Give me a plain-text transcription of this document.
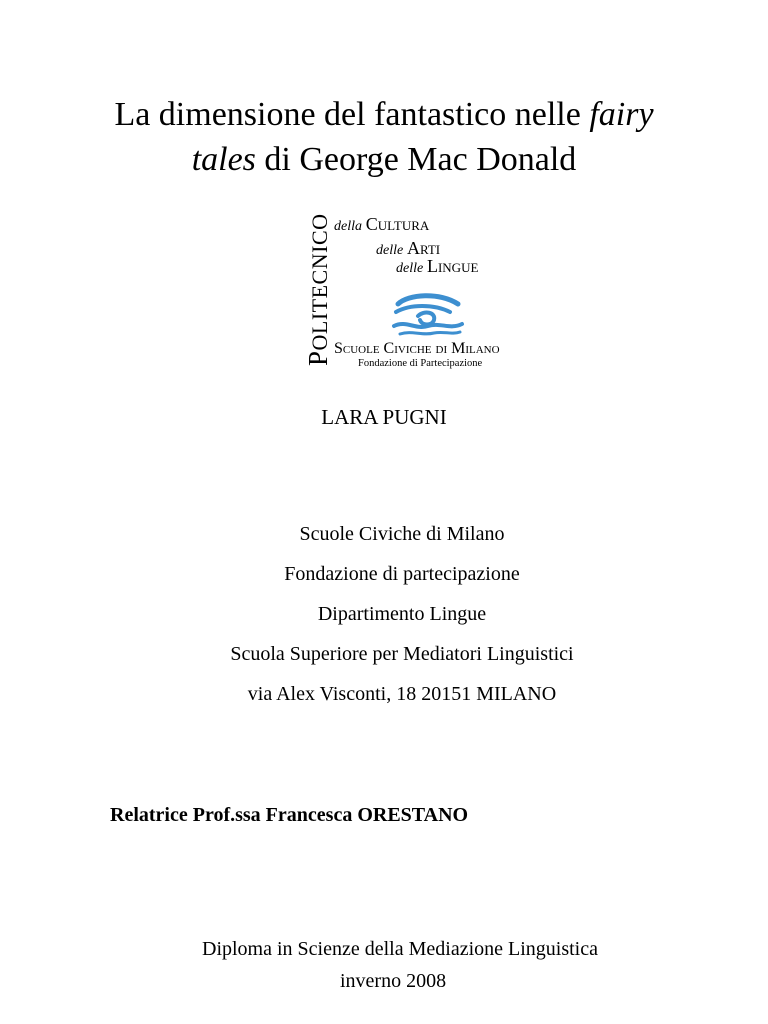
La dimensione del fantastico nelle fairy
tales di George Mac Donald
POLITECNICO della Cultura
delle Arti
delle Lingue
Scuole Civiche di Milano
Fondazione di Partecipazione
LARA PUGNI
Scuole Civiche di Milano
Fondazione di partecipazione
Dipartimento Lingue
Scuola Superiore per Mediatori Linguistici
via Alex Visconti, 18 20151 MILANO
Relatrice Prof.ssa Francesca ORESTANO
Diploma in Scienze della Mediazione Linguistica
inverno 2008
